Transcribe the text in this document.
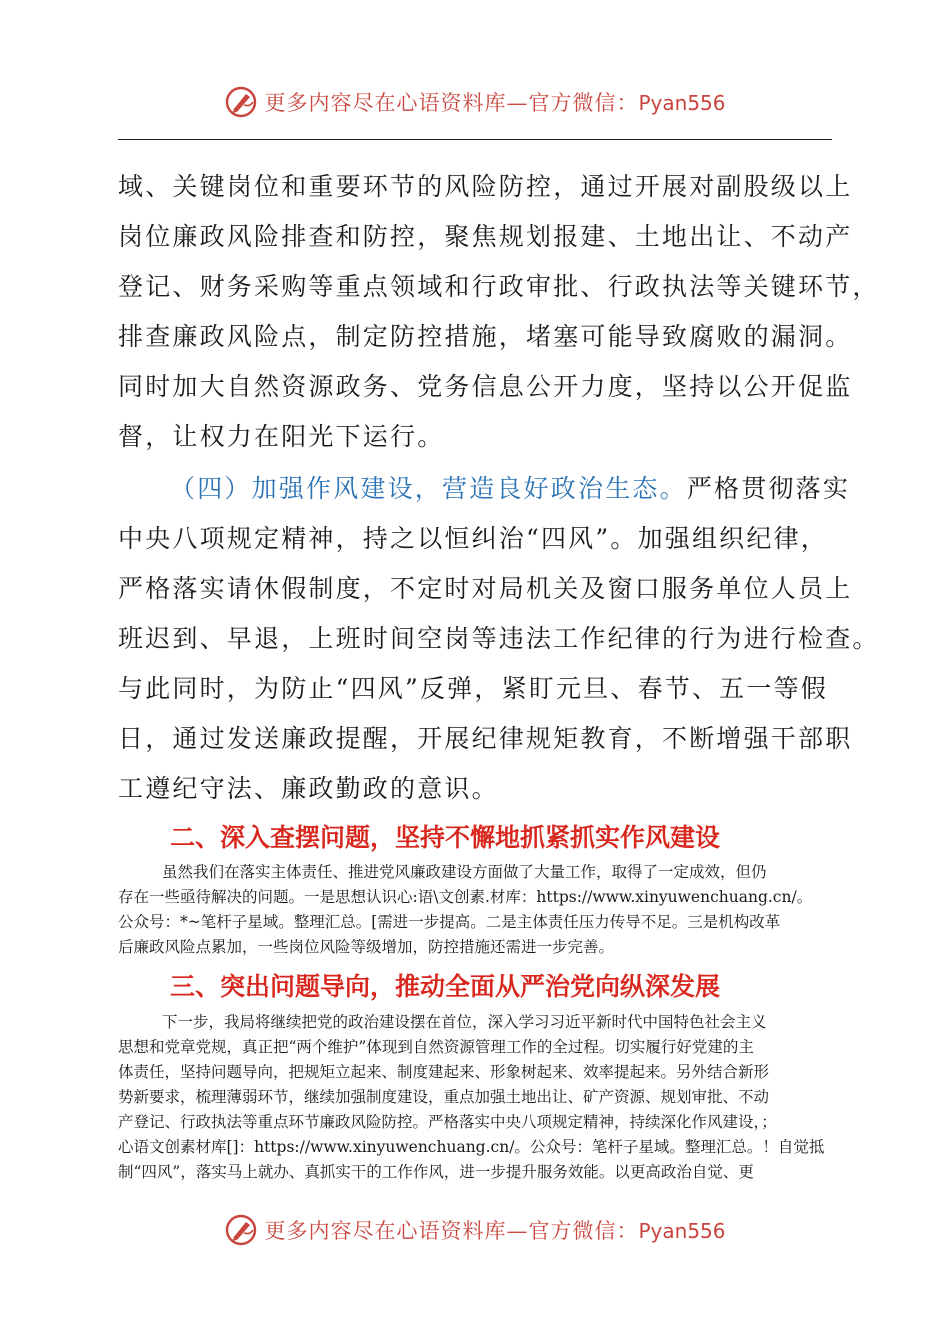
更多内容尽在心语资料库—官方微信：Pyan556
域、关键岗位和重要环节的风险防控，通过开展对副股级以上
岗位廉政风险排查和防控，聚焦规划报建、土地出让、不动产
登记、财务采购等重点领域和行政审批、行政执法等关键环节，
排查廉政风险点，制定防控措施，堵塞可能导致腐败的漏洞。
同时加大自然资源政务、党务信息公开力度，坚持以公开促监
督，让权力在阳光下运行。
（四）加强作风建设，营造良好政治生态。严格贯彻落实
中央八项规定精神，持之以恒纠治“四风”。加强组织纪律，
严格落实请休假制度，不定时对局机关及窗口服务单位人员上
班迟到、早退，上班时间空岗等违法工作纪律的行为进行检查。
与此同时，为防止“四风”反弹，紧盯元旦、春节、五一等假
日，通过发送廉政提醒，开展纪律规矩教育，不断增强干部职
工遵纪守法、廉政勤政的意识。
二、深入查摆问题，坚持不懈地抓紧抓实作风建设
虽然我们在落实主体责任、推进党风廉政建设方面做了大量工作，取得了一定成效，但仍
存在一些亟待解决的问题。一是思想认识心:语\文创素.材库：https://www.xinyuwenchuang.cn/。
公众号：*~笔杆子星域。整理汇总。[需进一步提高。二是主体责任压力传导不足。三是机构改革
后廉政风险点累加，一些岗位风险等级增加，防控措施还需进一步完善。
三、突出问题导向，推动全面从严治党向纵深发展
下一步，我局将继续把党的政治建设摆在首位，深入学习习近平新时代中国特色社会主义
思想和党章党规，真正把“两个维护”体现到自然资源管理工作的全过程。切实履行好党建的主
体责任，坚持问题导向，把规矩立起来、制度建起来、形象树起来、效率提起来。另外结合新形
势新要求，梳理薄弱环节，继续加强制度建设，重点加强土地出让、矿产资源、规划审批、不动
产登记、行政执法等重点环节廉政风险防控。严格落实中央八项规定精神，持续深化作风建设，；
心语文创素材库[]：https://www.xinyuwenchuang.cn/。公众号：笔杆子星域。整理汇总。！自觉抵
制“四风”，落实马上就办、真抓实干的工作作风，进一步提升服务效能。以更高政治自觉、更
更多内容尽在心语资料库—官方微信：Pyan556
